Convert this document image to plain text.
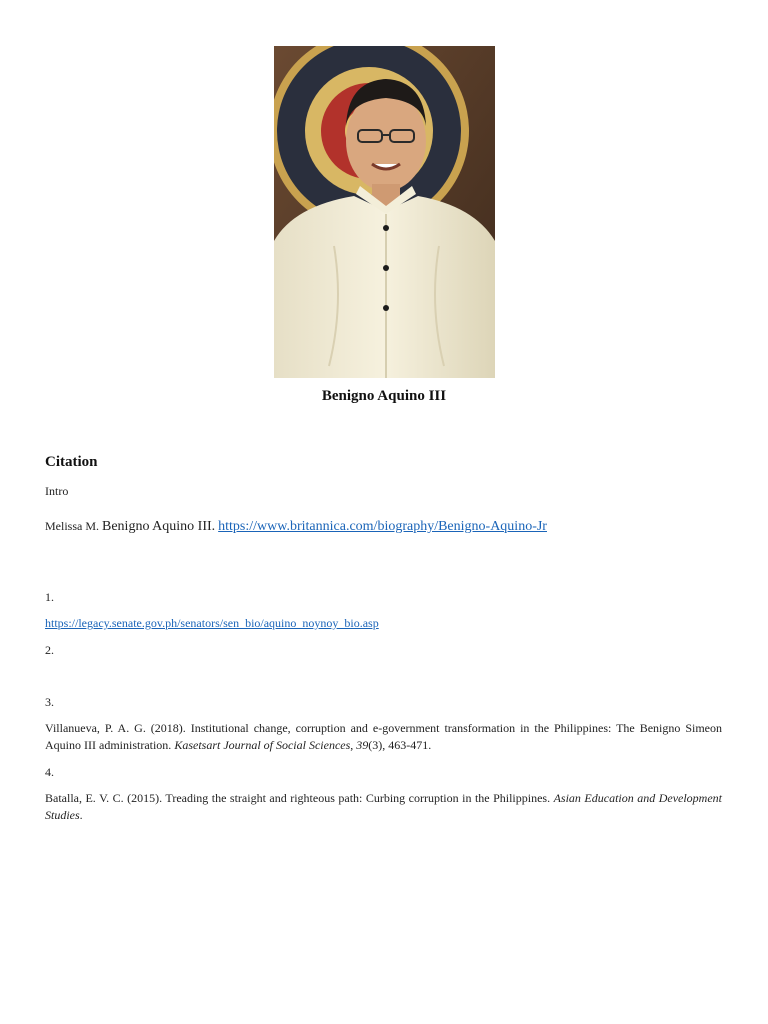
Benigno Aquino III
Citation
Intro
Melissa M. Benigno Aquino III. https://www.britannica.com/biography/Benigno-Aquino-Jr
1.
https://legacy.senate.gov.ph/senators/sen_bio/aquino_noynoy_bio.asp
2.
3.
Villanueva, P. A. G. (2018). Institutional change, corruption and e-government transformation in the Philippines: The Benigno Simeon Aquino III administration. Kasetsart Journal of Social Sciences, 39(3), 463-471.
4.
Batalla, E. V. C. (2015). Treading the straight and righteous path: Curbing corruption in the Philippines. Asian Education and Development Studies.
